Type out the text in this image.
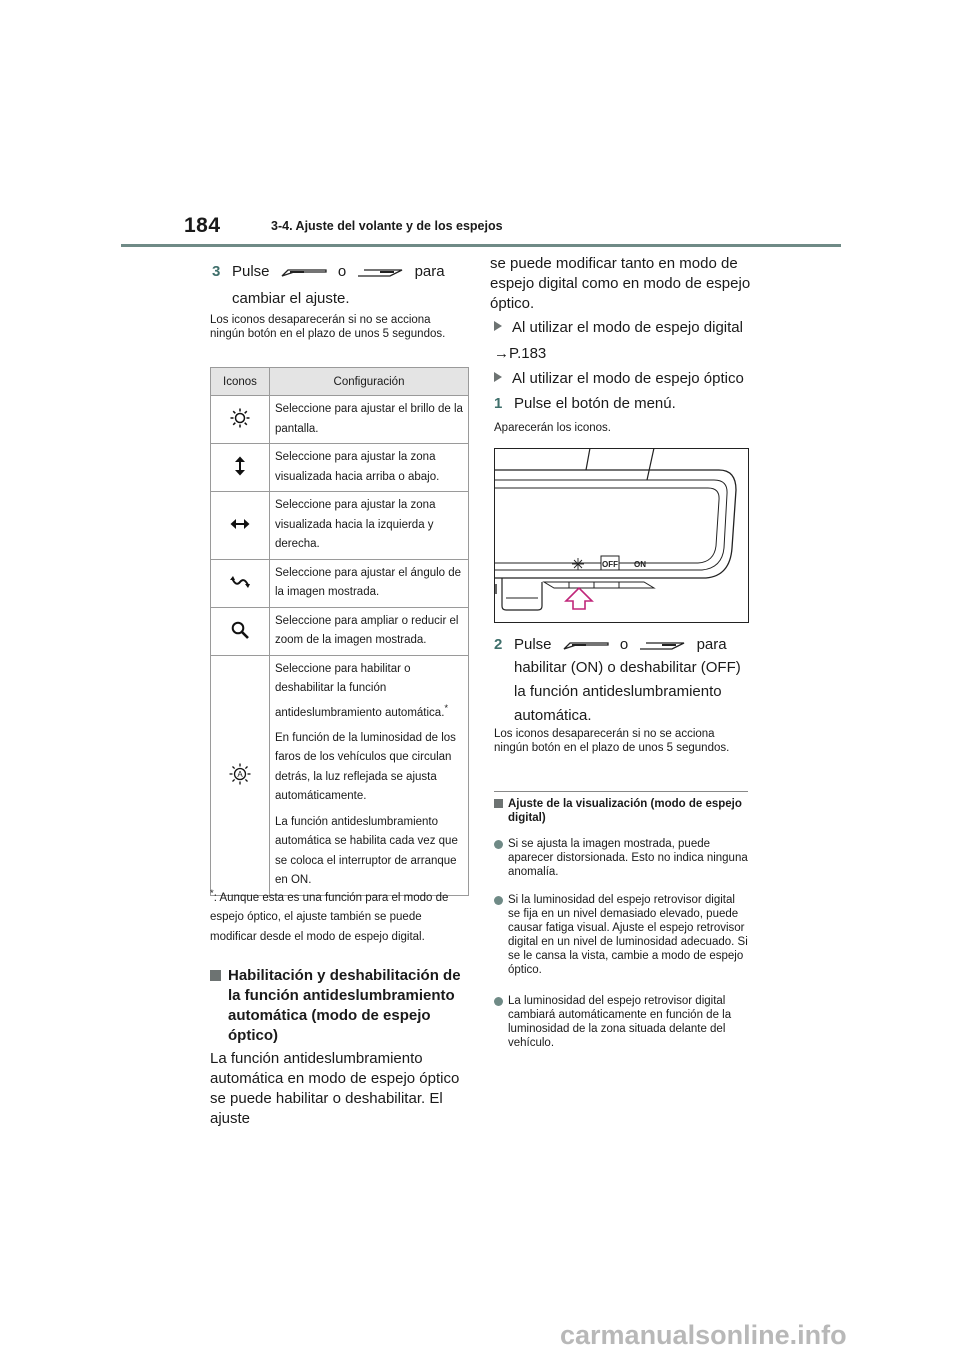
184	3-4. Ajuste del volante y de los espejos
3 Pulse	o	para
cambiar el ajuste.
Los iconos desaparecerán si no se acciona ningún botón en el plazo de unos 5 segundos.
Iconos	Configuración
	Seleccione para ajustar el brillo de la pantalla.
	Seleccione para ajustar la zona visualizada hacia arriba o abajo.
	Seleccione para ajustar la zona visualizada hacia la izquierda y derecha.
	Seleccione para ajustar el ángulo de la imagen mostrada.
	Seleccione para ampliar o reducir el zoom de la imagen mostrada.

A	Seleccione para habilitar o deshabilitar la función antideslumbramiento automática.*

En función de la luminosidad de los faros de los vehículos que circulan detrás, la luz reflejada se ajusta automáticamente.

La función antideslumbramiento automática se habilita cada vez que se coloca el interruptor de arranque en ON.

*: Aunque esta es una función para el modo de espejo óptico, el ajuste también se puede modificar desde el modo de espejo digital.
Habilitación y deshabilitación de la función antideslumbramiento automática (modo de espejo óptico)
La función antideslumbramiento automática en modo de espejo óptico se puede habilitar o deshabilitar. El ajuste
se puede modificar tanto en modo de espejo digital como en modo de espejo óptico.
Al utilizar el modo de espejo digital
→P.183
Al utilizar el modo de espejo óptico
1 Pulse el botón de menú.
Aparecerán los iconos.
OFF ON
2 Pulse	o	para
habilitar (ON) o deshabilitar (OFF)
la función antideslumbramiento
automática.
Los iconos desaparecerán si no se acciona ningún botón en el plazo de unos 5 segundos.
Ajuste de la visualización (modo de espejo digital)
Si se ajusta la imagen mostrada, puede aparecer distorsionada. Esto no indica ninguna anomalía.
Si la luminosidad del espejo retrovisor digital se fija en un nivel demasiado elevado, puede causar fatiga visual. Ajuste el espejo retrovisor digital en un nivel de luminosidad adecuado. Si se le cansa la vista, cambie a modo de espejo óptico.
La luminosidad del espejo retrovisor digital cambiará automáticamente en función de la luminosidad de la zona situada delante del vehículo.
carmanualsonline.info
